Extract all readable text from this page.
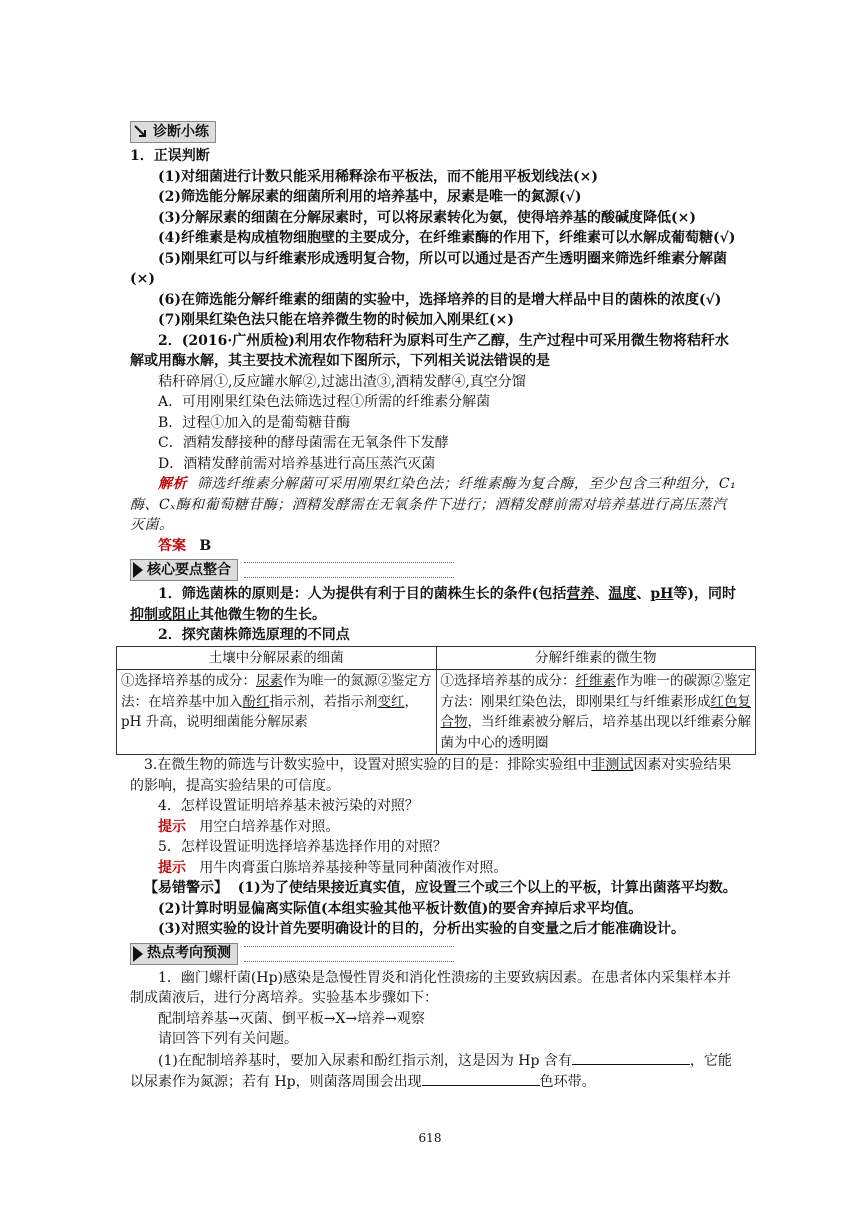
诊断小练
1．正误判断
(1)对细菌进行计数只能采用稀释涂布平板法，而不能用平板划线法(×)
(2)筛选能分解尿素的细菌所利用的培养基中，尿素是唯一的氮源(√)
(3)分解尿素的细菌在分解尿素时，可以将尿素转化为氨，使得培养基的酸碱度降低(×)
(4)纤维素是构成植物细胞壁的主要成分，在纤维素酶的作用下，纤维素可以水解成葡萄糖(√)
(5)刚果红可以与纤维素形成透明复合物，所以可以通过是否产生透明圈来筛选纤维素分解菌(×)
(6)在筛选能分解纤维素的细菌的实验中，选择培养的目的是增大样品中目的菌株的浓度(√)
(7)刚果红染色法只能在培养微生物的时候加入刚果红(×)
2．(2016·广州质检)利用农作物秸秆为原料可生产乙醇，生产过程中可采用微生物将秸秆水解或用酶水解，其主要技术流程如下图所示，下列相关说法错误的是
秸秆碎屑①,反应罐水解②,过滤出渣③,酒精发酵④,真空分馏
A．可用刚果红染色法筛选过程①所需的纤维素分解菌
B．过程①加入的是葡萄糖苷酶
C．酒精发酵接种的酵母菌需在无氧条件下发酵
D．酒精发酵前需对培养基进行高压蒸汽灭菌
解析 筛选纤维素分解菌可采用刚果红染色法；纤维素酶为复合酶，至少包含三种组分，C₁酶、Cₓ酶和葡萄糖苷酶；酒精发酵需在无氧条件下进行；酒精发酵前需对培养基进行高压蒸汽灭菌。
答案 B
核心要点整合
1．筛选菌株的原则是：人为提供有利于目的菌株生长的条件(包括营养、温度、pH等)，同时抑制或阻止其他微生物的生长。
2．探究菌株筛选原理的不同点
土壤中分解尿素的细菌	分解纤维素的微生物
①选择培养基的成分：尿素作为唯一的氮源②鉴定方法：在培养基中加入酚红指示剂，若指示剂变红，pH 升高，说明细菌能分解尿素	①选择培养基的成分：纤维素作为唯一的碳源②鉴定方法：刚果红染色法，即刚果红与纤维素形成红色复合物，当纤维素被分解后，培养基出现以纤维素分解菌为中心的透明圈
3.在微生物的筛选与计数实验中，设置对照实验的目的是：排除实验组中非测试因素对实验结果的影响，提高实验结果的可信度。
4．怎样设置证明培养基未被污染的对照？
提示 用空白培养基作对照。
5．怎样设置证明选择培养基选择作用的对照？
提示 用牛肉膏蛋白胨培养基接种等量同种菌液作对照。
【易错警示】 (1)为了使结果接近真实值，应设置三个或三个以上的平板，计算出菌落平均数。
(2)计算时明显偏离实际值(本组实验其他平板计数值)的要舍弃掉后求平均值。
(3)对照实验的设计首先要明确设计的目的，分析出实验的自变量之后才能准确设计。
热点考向预测
1．幽门螺杆菌(Hp)感染是急慢性胃炎和消化性溃疡的主要致病因素。在患者体内采集样本并制成菌液后，进行分离培养。实验基本步骤如下：
配制培养基→灭菌、倒平板→X→培养→观察
请回答下列有关问题。
(1)在配制培养基时，要加入尿素和酚红指示剂，这是因为 Hp 含有	，它能以尿素作为氮源；若有 Hp，则菌落周围会出现	色环带。
618
